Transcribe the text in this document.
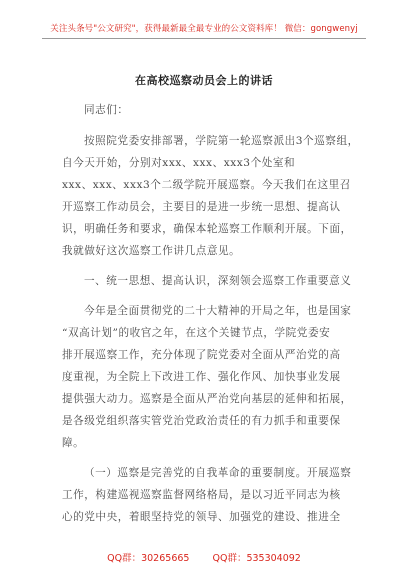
关注头条号"公文研究"，获得最新最全最专业的公文资料库！ 微信：gongwenyj
在高校巡察动员会上的讲话
同志们：
按照院党委安排部署，学院第一轮巡察派出3个巡察组，
自今天开始，分别对xxx、xxx、xxx3个处室和
xxx、xxx、xxx3个二级学院开展巡察。今天我们在这里召
开巡察工作动员会，主要目的是进一步统一思想、提高认
识，明确任务和要求，确保本轮巡察工作顺利开展。下面，
我就做好这次巡察工作讲几点意见。
一、统一思想、提高认识，深刻领会巡察工作重要意义
今年是全面贯彻党的二十大精神的开局之年，也是国家
“双高计划”的收官之年，在这个关键节点，学院党委安
排开展巡察工作，充分体现了院党委对全面从严治党的高
度重视，为全院上下改进工作、强化作风、加快事业发展
提供强大动力。巡察是全面从严治党向基层的延伸和拓展，
是各级党组织落实管党治党政治责任的有力抓手和重要保
障。
（一）巡察是完善党的自我革命的重要制度。开展巡察
工作，构建巡视巡察监督网络格局，是以习近平同志为核
心的党中央，着眼坚持党的领导、加强党的建设、推进全
QQ群：30265665 QQ群：535304092
